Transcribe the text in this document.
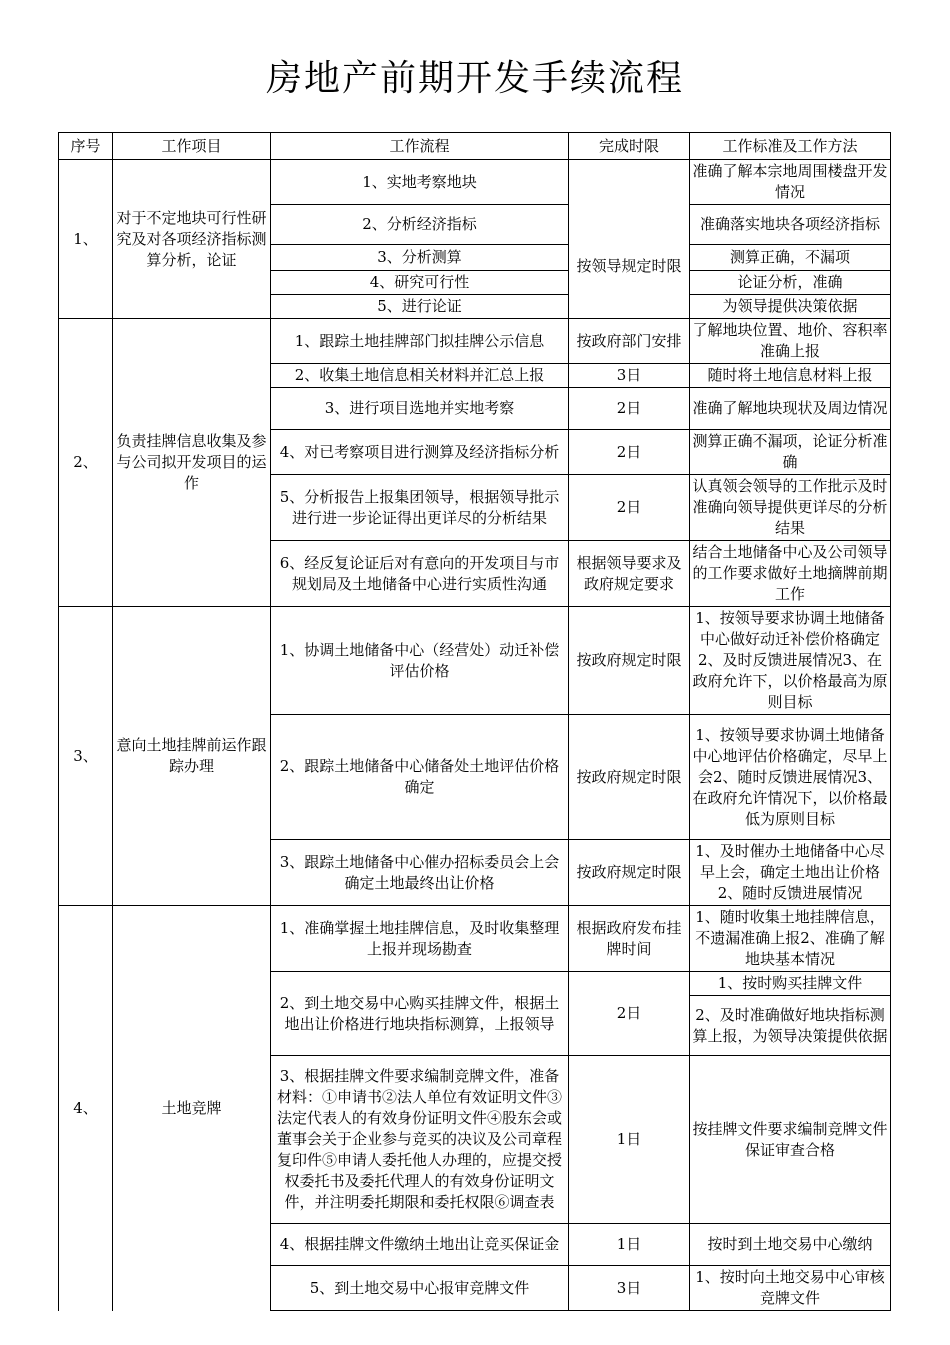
房地产前期开发手续流程
序号	工作项目	工作流程	完成时限	工作标准及工作方法
1、	对于不定地块可行性研究及对各项经济指标测算分析，论证	1、实地考察地块	按领导规定时限	准确了解本宗地周围楼盘开发情况
		2、分析经济指标		准确落实地块各项经济指标
		3、分析测算		测算正确，不漏项
		4、研究可行性		论证分析，准确
		5、进行论证		为领导提供决策依据
2、	负责挂牌信息收集及参与公司拟开发项目的运作	1、跟踪土地挂牌部门拟挂牌公示信息	按政府部门安排	了解地块位置、地价、容积率准确上报
		2、收集土地信息相关材料并汇总上报	3日	随时将土地信息材料上报
		3、进行项目选地并实地考察	2日	准确了解地块现状及周边情况
		4、对已考察项目进行测算及经济指标分析	2日	测算正确不漏项，论证分析准确
		5、分析报告上报集团领导，根据领导批示进行进一步论证得出更详尽的分析结果	2日	认真领会领导的工作批示及时准确向领导提供更详尽的分析结果
		6、经反复论证后对有意向的开发项目与市规划局及土地储备中心进行实质性沟通	根据领导要求及政府规定要求	结合土地储备中心及公司领导的工作要求做好土地摘牌前期工作
3、	意向土地挂牌前运作跟踪办理	1、协调土地储备中心（经营处）动迁补偿评估价格	按政府规定时限	1、按领导要求协调土地储备中心做好动迁补偿价格确定2、及时反馈进展情况3、在政府允许下，以价格最高为原则目标
		2、跟踪土地储备中心储备处土地评估价格确定	按政府规定时限	1、按领导要求协调土地储备中心地评估价格确定，尽早上会2、随时反馈进展情况3、在政府允许情况下，以价格最低为原则目标
		3、跟踪土地储备中心催办招标委员会上会确定土地最终出让价格	按政府规定时限	1、及时催办土地储备中心尽早上会，确定土地出让价格2、随时反馈进展情况
4、	土地竞牌	1、准确掌握土地挂牌信息，及时收集整理上报并现场勘查	根据政府发布挂牌时间	1、随时收集土地挂牌信息，不遗漏准确上报2、准确了解地块基本情况
		2、到土地交易中心购买挂牌文件，根据土地出让价格进行地块指标测算，上报领导	2日	1、按时购买挂牌文件
				2、及时准确做好地块指标测算上报，为领导决策提供依据
		3、根据挂牌文件要求编制竞牌文件，准备材料：①申请书②法人单位有效证明文件③法定代表人的有效身份证明文件④股东会或董事会关于企业参与竞买的决议及公司章程复印件⑤申请人委托他人办理的，应提交授权委托书及委托代理人的有效身份证明文件，并注明委托期限和委托权限⑥调查表	1日	按挂牌文件要求编制竞牌文件保证审查合格
		4、根据挂牌文件缴纳土地出让竞买保证金	1日	按时到土地交易中心缴纳
		5、到土地交易中心报审竞牌文件	3日	1、按时向土地交易中心审核竞牌文件
